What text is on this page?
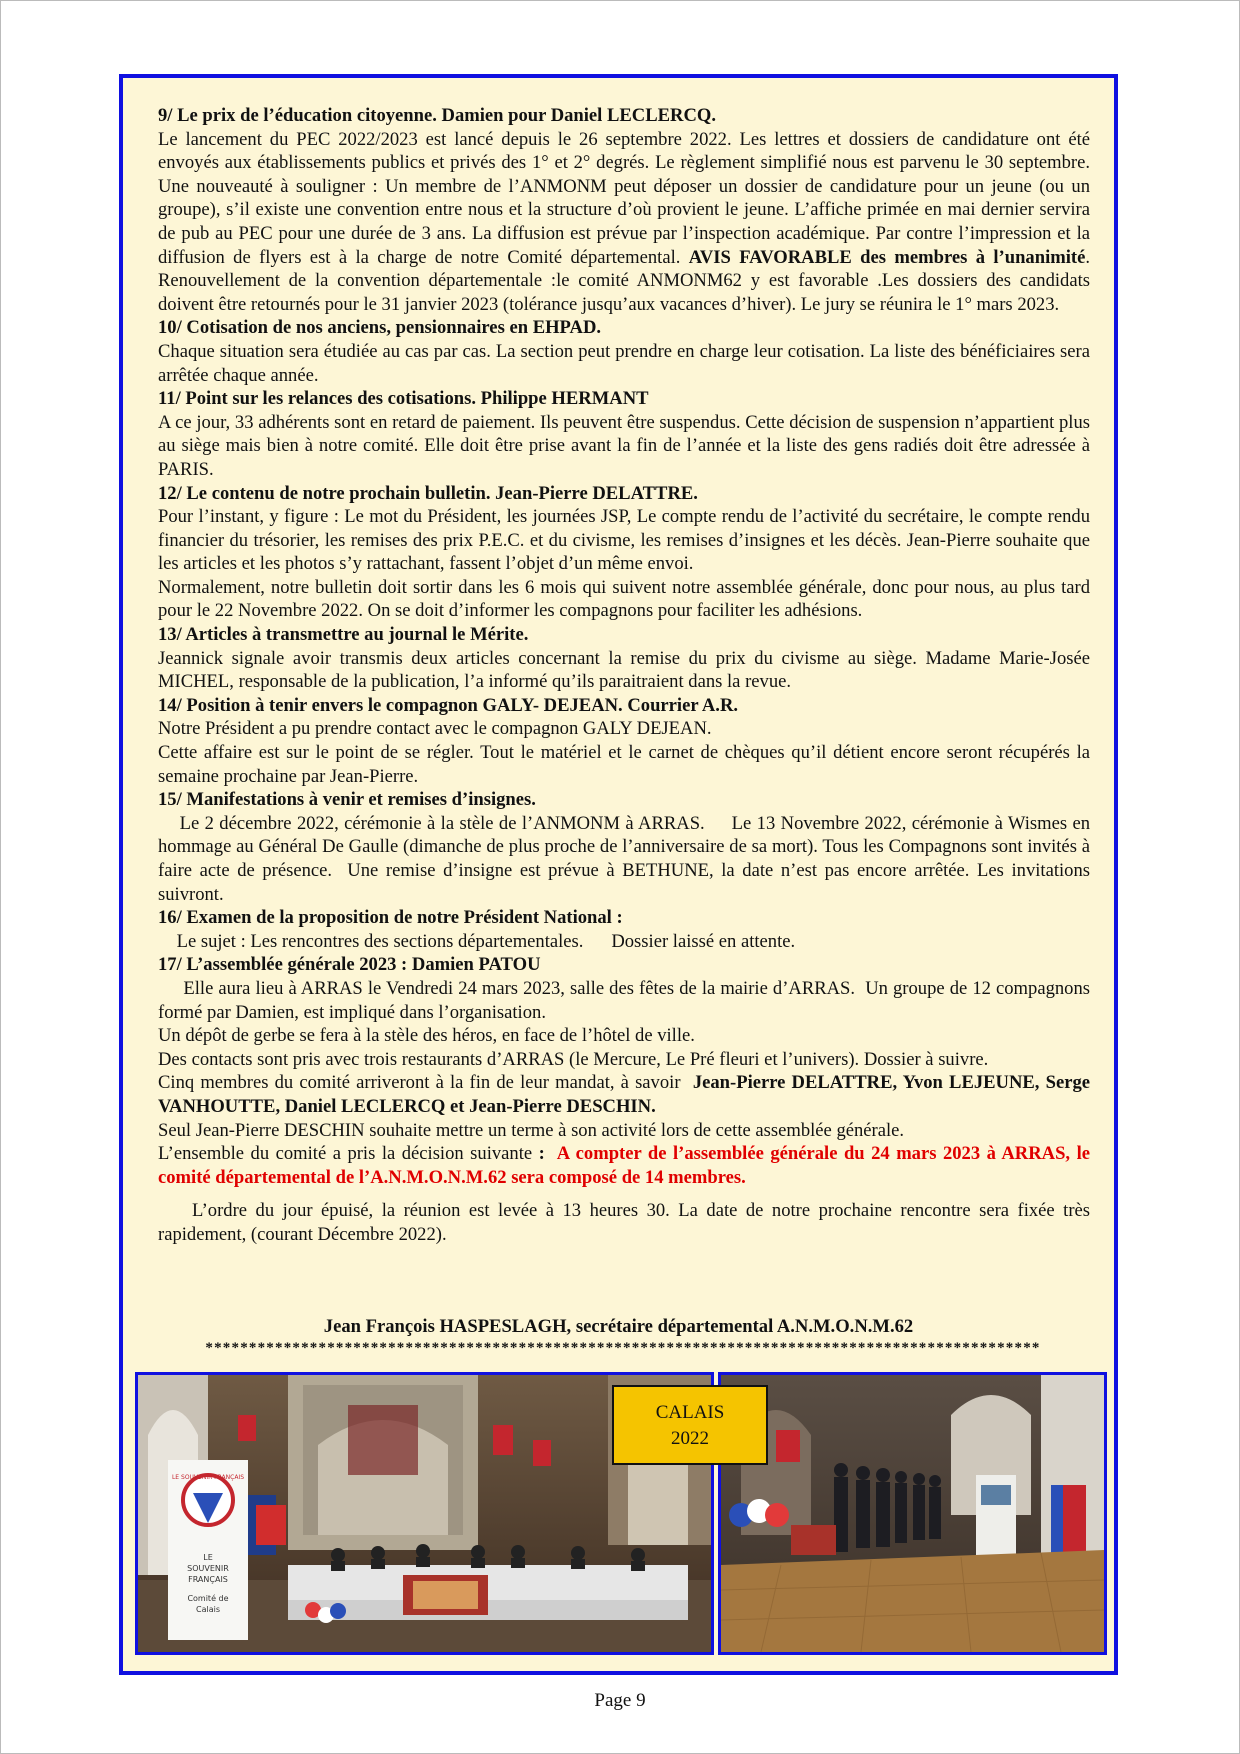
9/ Le prix de l’éducation citoyenne. Damien pour Daniel LECLERCQ.

Le lancement du PEC 2022/2023 est lancé depuis le 26 septembre 2022. Les lettres et dossiers de candidature ont été envoyés aux établissements publics et privés des 1° et 2° degrés. Le règlement simplifié nous est parvenu le 30 septembre. Une nouveauté à souligner : Un membre de l’ANMONM peut déposer un dossier de candidature pour un jeune (ou un groupe), s’il existe une convention entre nous et la structure d’où provient le jeune. L’affiche primée en mai dernier servira de pub au PEC pour une durée de 3 ans. La diffusion est prévue par l’inspection académique. Par contre l’impression et la diffusion de flyers est à la charge de notre Comité départemental. AVIS FAVORABLE des membres à l’unanimité. Renouvellement de la convention départementale :le comité ANMONM62 y est favorable .Les dossiers des candidats doivent être retournés pour le 31 janvier 2023 (tolérance jusqu’aux vacances d’hiver). Le jury se réunira le 1° mars 2023.

10/ Cotisation de nos anciens, pensionnaires en EHPAD.

Chaque situation sera étudiée au cas par cas. La section peut prendre en charge leur cotisation. La liste des bénéficiaires sera arrêtée chaque année.

11/ Point sur les relances des cotisations. Philippe HERMANT

A ce jour, 33 adhérents sont en retard de paiement. Ils peuvent être suspendus. Cette décision de suspension n’appartient plus au siège mais bien à notre comité. Elle doit être prise avant la fin de l’année et la liste des gens radiés doit être adressée à PARIS.

12/ Le contenu de notre prochain bulletin. Jean-Pierre DELATTRE.

Pour l’instant, y figure : Le mot du Président, les journées JSP, Le compte rendu de l’activité du secrétaire, le compte rendu financier du trésorier, les remises des prix P.E.C. et du civisme, les remises d’insignes et les décès. Jean-Pierre souhaite que les articles et les photos s’y rattachant, fassent l’objet d’un même envoi.

Normalement, notre bulletin doit sortir dans les 6 mois qui suivent notre assemblée générale, donc pour nous, au plus tard pour le 22 Novembre 2022. On se doit d’informer les compagnons pour faciliter les adhésions.

13/ Articles à transmettre au journal le Mérite.

Jeannick signale avoir transmis deux articles concernant la remise du prix du civisme au siège. Madame Marie-Josée MICHEL, responsable de la publication, l’a informé qu’ils paraitraient dans la revue.

14/ Position à tenir envers le compagnon GALY- DEJEAN. Courrier A.R.

Notre Président a pu prendre contact avec le compagnon GALY DEJEAN.

Cette affaire est sur le point de se régler. Tout le matériel et le carnet de chèques qu’il détient encore seront récupérés la semaine prochaine par Jean-Pierre.

15/ Manifestations à venir et remises d’insignes.

Le 2 décembre 2022, cérémonie à la stèle de l’ANMONM à ARRAS.     Le 13 Novembre 2022, cérémonie à Wismes en hommage au Général De Gaulle (dimanche de plus proche de l’anniversaire de sa mort). Tous les Compagnons sont invités à faire acte de présence.  Une remise d’insigne est prévue à BETHUNE, la date n’est pas encore arrêtée. Les invitations suivront.

16/ Examen de la proposition de notre Président National :

Le sujet : Les rencontres des sections départementales.      Dossier laissé en attente.

17/ L’assemblée générale 2023 : Damien PATOU

Elle aura lieu à ARRAS le Vendredi 24 mars 2023, salle des fêtes de la mairie d’ARRAS.  Un groupe de 12 compagnons formé par Damien, est impliqué dans l’organisation.

Un dépôt de gerbe se fera à la stèle des héros, en face de l’hôtel de ville.

Des contacts sont pris avec trois restaurants d’ARRAS (le Mercure, Le Pré fleuri et l’univers). Dossier à suivre.

Cinq membres du comité arriveront à la fin de leur mandat, à savoir  Jean-Pierre DELATTRE, Yvon LEJEUNE, Serge VANHOUTTE, Daniel LECLERCQ et Jean-Pierre DESCHIN.

Seul Jean-Pierre DESCHIN souhaite mettre un terme à son activité lors de cette assemblée générale.

L’ensemble du comité a pris la décision suivante :  A compter de l’assemblée générale du 24 mars 2023 à ARRAS, le comité départemental de l’A.N.M.O.N.M.62 sera composé de 14 membres.

L’ordre du jour épuisé, la réunion est levée à 13 heures 30. La date de notre prochaine rencontre sera fixée très rapidement, (courant Décembre 2022).

Jean François HASPESLAGH, secrétaire départemental A.N.M.O.N.M.62
************************************************************************************************
LE SOUVENIR FRANÇAIS
LE
SOUVENIR
FRANÇAIS
Comité de
Calais
CALAIS
2022
Page 9
